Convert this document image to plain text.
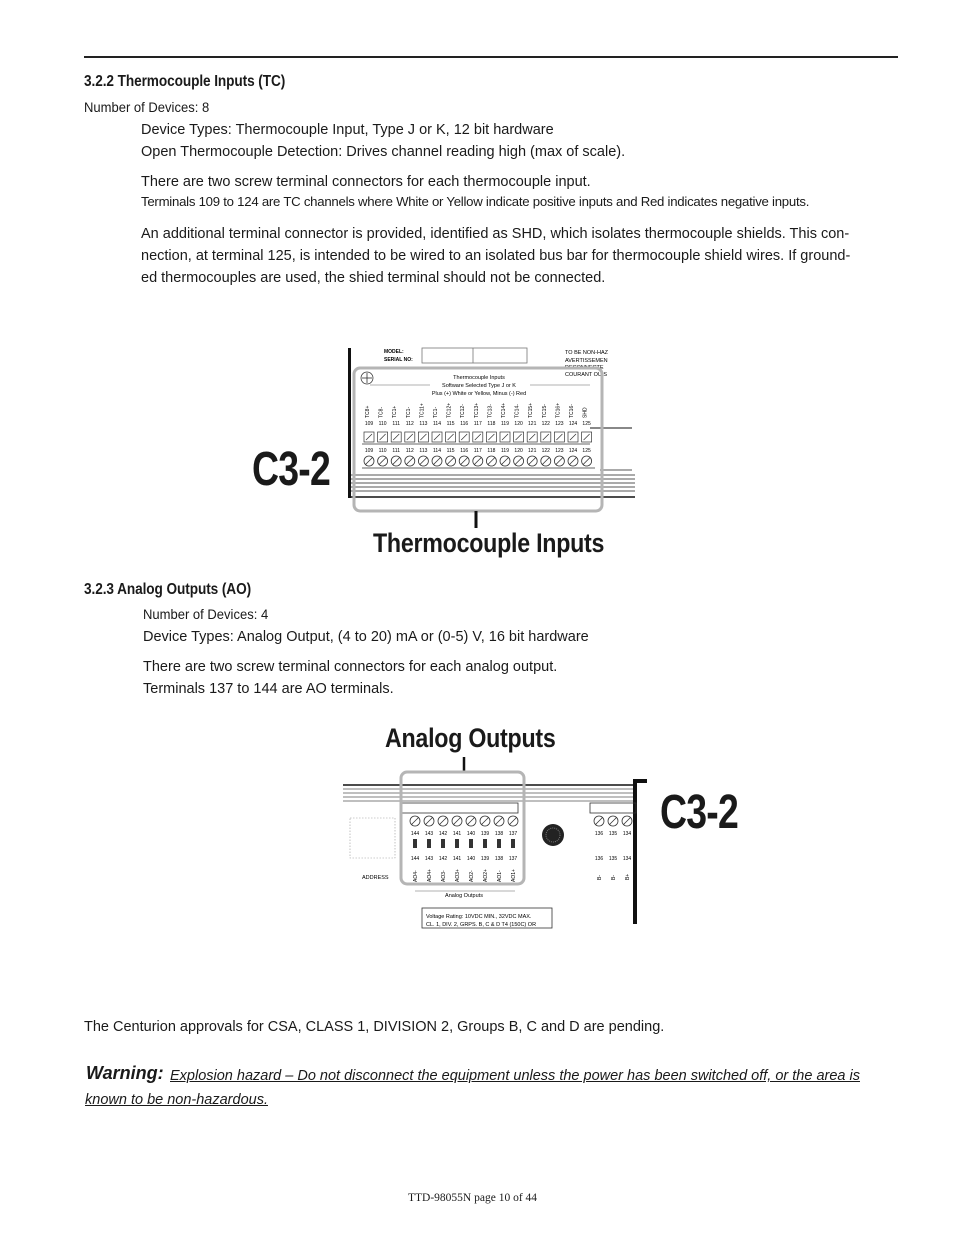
3.2.2 Thermocouple Inputs (TC)
Number of Devices: 8
Device Types: Thermocouple Input, Type J or K, 12 bit hardware
Open Thermocouple Detection: Drives channel reading high (max of scale).
There are two screw terminal connectors for each thermocouple input.
Terminals 109 to 124 are TC channels where White or Yellow indicate positive inputs and Red indicates negative inputs.
An additional terminal connector is provided, identified as SHD, which isolates thermocouple shields. This con-
nection, at terminal 125, is intended to be wired to an isolated bus bar for thermocouple shield wires. If ground-
ed thermocouples are used, the shied terminal should not be connected.
C3-2
MODEL:
SERIAL NO:
TO BE NON-HAZ
AVERTISSEMEN
DECONNECTE
COURANT OU S
Thermocouple Inputs
Software Selected Type J or K
Plus (+) White or Yellow, Minus (-) Red
TC8+ TC8- TC1+ TC1- TC11+ TC1- TC12+ TC12- TC13+ TC13- TC14+ TC14- TC15+ TC15- TC16+ TC16- SHD
109 110 111 112 113 114 115 116 117 118 119 120 121 122 123 124 125
109 110 111 112 113 114 115 116 117 118 119 120 121 122 123 124 125
Thermocouple Inputs
3.2.3 Analog Outputs (AO)
Number of Devices: 4
Device Types: Analog Output, (4 to 20) mA or (0-5) V, 16 bit hardware
There are two screw terminal connectors for each analog output.
Terminals 137 to 144 are AO terminals.
Analog Outputs
ADDRESS
144 143 142 141 140 139 138 137
144 143 142 141 140 139 138 137
AO4- AO4+ AO3- AO3+ AO2- AO2+ AO1- AO1+
Analog Outputs
136
136
B-
135
135
B-
134
134
B+
Voltage Rating: 10VDC MIN., 32VDC MAX.
CL. 1, DIV. 2, GRPS. B, C & D T4 (150C) OR
C3-2
The Centurion approvals for CSA, CLASS 1, DIVISION 2, Groups B, C and D are pending.
Warning: Explosion hazard – Do not disconnect the equipment unless the power has been switched off, or the area is
known to be non-hazardous.
TTD-98055N page 10 of 44
